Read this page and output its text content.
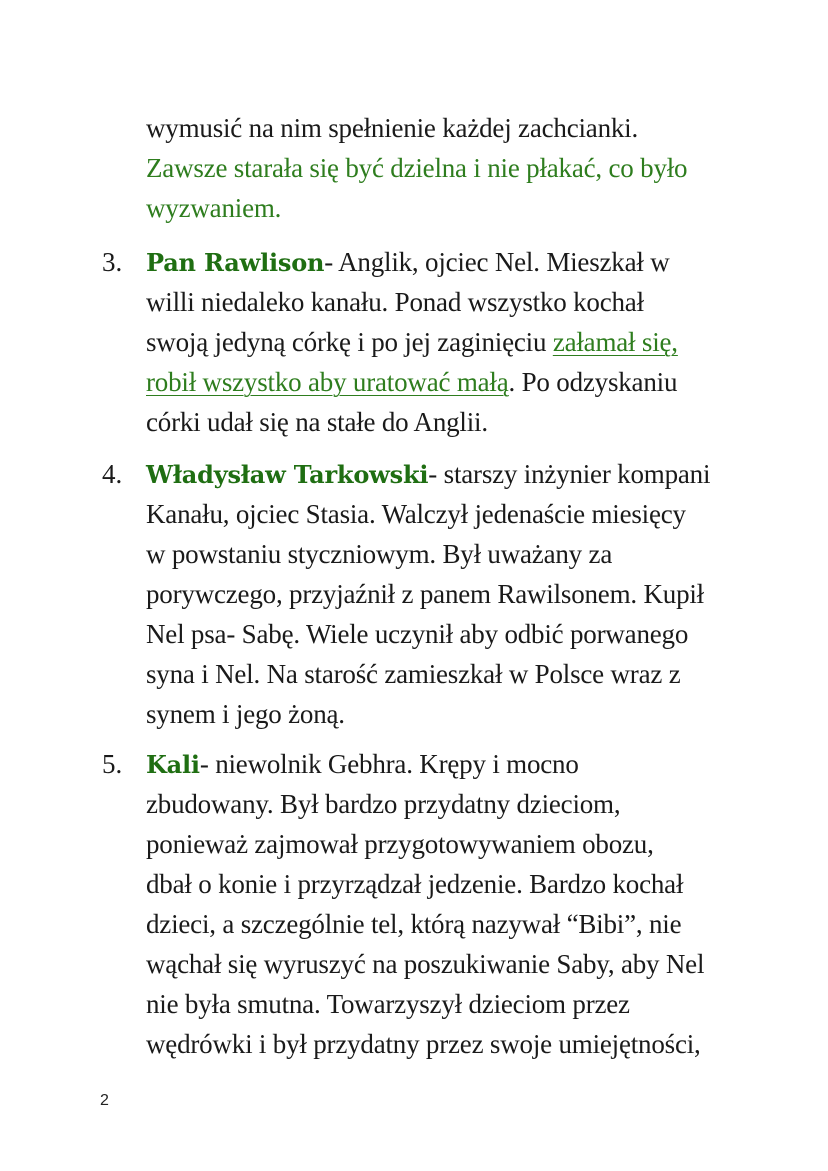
wymusić na nim spełnienie każdej zachcianki.
Zawsze starała się być dzielna i nie płakać, co było
wyzwaniem.
3. Pan Rawlison- Anglik, ojciec Nel. Mieszkał w
willi niedaleko kanału. Ponad wszystko kochał
swoją jedyną córkę i po jej zaginięciu załamał się,
robił wszystko aby uratować małą. Po odzyskaniu
córki udał się na stałe do Anglii.
4. Władysław Tarkowski- starszy inżynier kompani
Kanału, ojciec Stasia. Walczył jedenaście miesięcy
w powstaniu styczniowym. Był uważany za
porywczego, przyjaźnił z panem Rawilsonem. Kupił
Nel psa- Sabę. Wiele uczynił aby odbić porwanego
syna i Nel. Na starość zamieszkał w Polsce wraz z
synem i jego żoną.
5. Kali- niewolnik Gebhra. Krępy i mocno
zbudowany. Był bardzo przydatny dzieciom,
ponieważ zajmował przygotowywaniem obozu,
dbał o konie i przyrządzał jedzenie. Bardzo kochał
dzieci, a szczególnie tel, którą nazywał “Bibi”, nie
wąchał się wyruszyć na poszukiwanie Saby, aby Nel
nie była smutna. Towarzyszył dzieciom przez
wędrówki i był przydatny przez swoje umiejętności,
2
